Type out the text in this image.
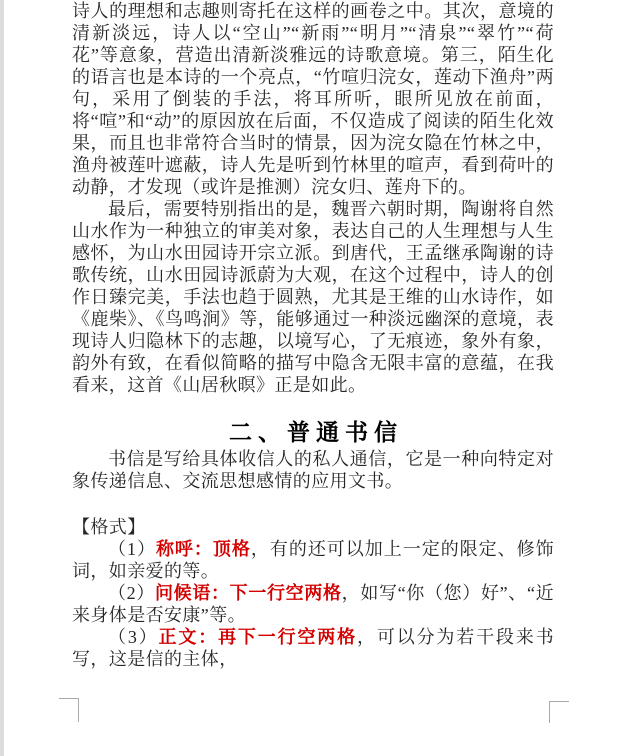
诗人的理想和志趣则寄托在这样的画卷之中。其次，意境的清新淡远，诗人以“空山”“新雨”“明月”“清泉”“翠竹”“荷花”等意象，营造出清新淡雅远的诗歌意境。第三，陌生化的语言也是本诗的一个亮点，“竹喧归浣女，莲动下渔舟”两句，采用了倒装的手法，将耳所听，眼所见放在前面，将“喧”和“动”的原因放在后面，不仅造成了阅读的陌生化效果，而且也非常符合当时的情景，因为浣女隐在竹林之中，渔舟被莲叶遮蔽，诗人先是听到竹林里的喧声，看到荷叶的动静，才发现（或许是推测）浣女归、莲舟下的。

最后，需要特别指出的是，魏晋六朝时期，陶谢将自然山水作为一种独立的审美对象，表达自己的人生理想与人生感怀，为山水田园诗开宗立派。到唐代，王孟继承陶谢的诗歌传统，山水田园诗派蔚为大观，在这个过程中，诗人的创作日臻完美，手法也趋于圆熟，尤其是王维的山水诗作，如《鹿柴》、《鸟鸣涧》等，能够通过一种淡远幽深的意境，表现诗人归隐林下的志趣，以境写心，了无痕迹，象外有象，韵外有致，在看似简略的描写中隐含无限丰富的意蕴，在我看来，这首《山居秋暝》正是如此。

二、普通书信

书信是写给具体收信人的私人通信，它是一种向特定对象传递信息、交流思想感情的应用文书。

【格式】

（1）称呼：顶格，有的还可以加上一定的限定、修饰词，如亲爱的等。

（2）问候语：下一行空两格，如写“你（您）好”、“近来身体是否安康”等。

（3）正文：再下一行空两格，可以分为若干段来书写，这是信的主体，
